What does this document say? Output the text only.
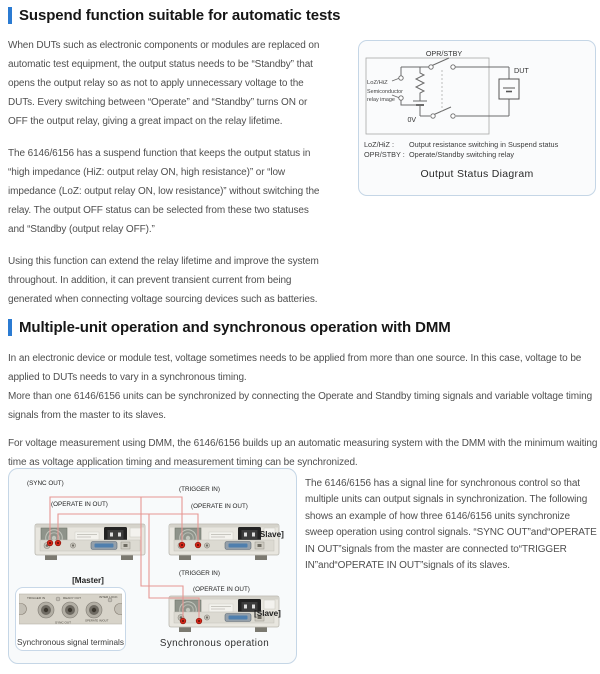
Suspend function suitable for automatic tests

When DUTs such as electronic components or modules are replaced on automatic test equipment, the output status needs to be “Standby” that opens the output relay so as not to apply unnecessary voltage to the DUTs. Every switching between “Operate” and “Standby” turns ON or OFF the output relay, giving a great impact on the relay lifetime.

The 6146/6156 has a suspend function that keeps the output status in “high impedance (HiZ: output relay ON, high resistance)” or “low impedance (LoZ: output relay ON, low resistance)” without switching the relay. The output OFF status can be selected from these two statuses and “Standby (output relay OFF).”

Using this function can extend the relay lifetime and improve the system throughout. In addition, it can prevent transient current from being generated when connecting voltage sourcing devices such as batteries.

OPR/STBY
DUT
LoZ/HiZ
Semiconductor
relay image
0V
LoZ/HiZ :	Output resistance switching in Suspend status
OPR/STBY : Operate/Standby switching relay
Output Status Diagram
Multiple-unit operation and synchronous operation with DMM

In an electronic device or module test, voltage sometimes needs to be applied from more than one source. In this case, voltage to be applied to DUTs needs to vary in a synchronous timing.

More than one 6146/6156 units can be synchronized by connecting the Operate and Standby timing signals and variable voltage timing signals from the master to its slaves.

For voltage measurement using DMM, the 6146/6156 builds up an automatic measuring system with the DMM with the minimum waiting time as voltage application timing and measurement timing can be synchronized.

(SYNC OUT)
(TRIGGER IN)
(OPERATE IN OUT)	(OPERATE IN OUT)
(TRIGGER IN)
(OPERATE IN OUT)
[Master]
[Slave]
[Slave]
TRIGGER IN	READY OUT	INTER LOCK
SYNC OUT	OPERATE IN/OUT
Synchronous signal terminals	Synchronous operation

The 6146/6156 has a signal line for synchronous control so that multiple units can output signals in synchronization. The following shows an example of how three 6146/6156 units synchronize sweep operation using control signals. “SYNC OUT”and“OPERATE IN OUT”signals from the master are connected to“TRIGGER IN”and“OPERATE IN OUT”signals of its slaves.
